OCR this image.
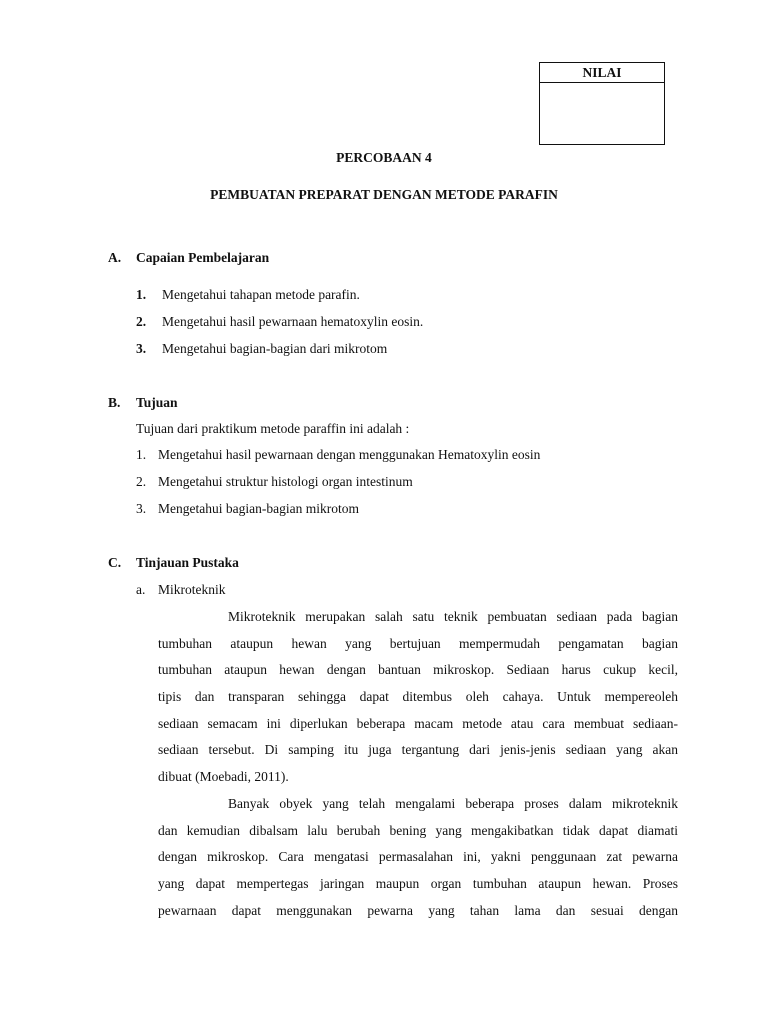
NILAI
PERCOBAAN 4
PEMBUATAN PREPARAT DENGAN METODE PARAFIN
A. Capaian Pembelajaran
1. Mengetahui tahapan metode parafin.
2. Mengetahui hasil pewarnaan hematoxylin eosin.
3. Mengetahui bagian-bagian dari mikrotom
B. Tujuan
Tujuan dari praktikum metode paraffin ini adalah :
1. Mengetahui hasil pewarnaan dengan menggunakan Hematoxylin eosin
2. Mengetahui struktur histologi organ intestinum
3. Mengetahui bagian-bagian mikrotom
C. Tinjauan Pustaka
a. Mikroteknik
Mikroteknik merupakan salah satu teknik pembuatan sediaan pada bagian
tumbuhan ataupun hewan yang bertujuan mempermudah pengamatan bagian
tumbuhan ataupun hewan dengan bantuan mikroskop. Sediaan harus cukup kecil,
tipis dan transparan sehingga dapat ditembus oleh cahaya. Untuk mempereoleh
sediaan semacam ini diperlukan beberapa macam metode atau cara membuat sediaan-
sediaan tersebut. Di samping itu juga tergantung dari jenis-jenis sediaan yang akan
dibuat (Moebadi, 2011).
Banyak obyek yang telah mengalami beberapa proses dalam mikroteknik
dan kemudian dibalsam lalu berubah bening yang mengakibatkan tidak dapat diamati
dengan mikroskop. Cara mengatasi permasalahan ini, yakni penggunaan zat pewarna
yang dapat mempertegas jaringan maupun organ tumbuhan ataupun hewan. Proses
pewarnaan dapat menggunakan pewarna yang tahan lama dan sesuai dengan
